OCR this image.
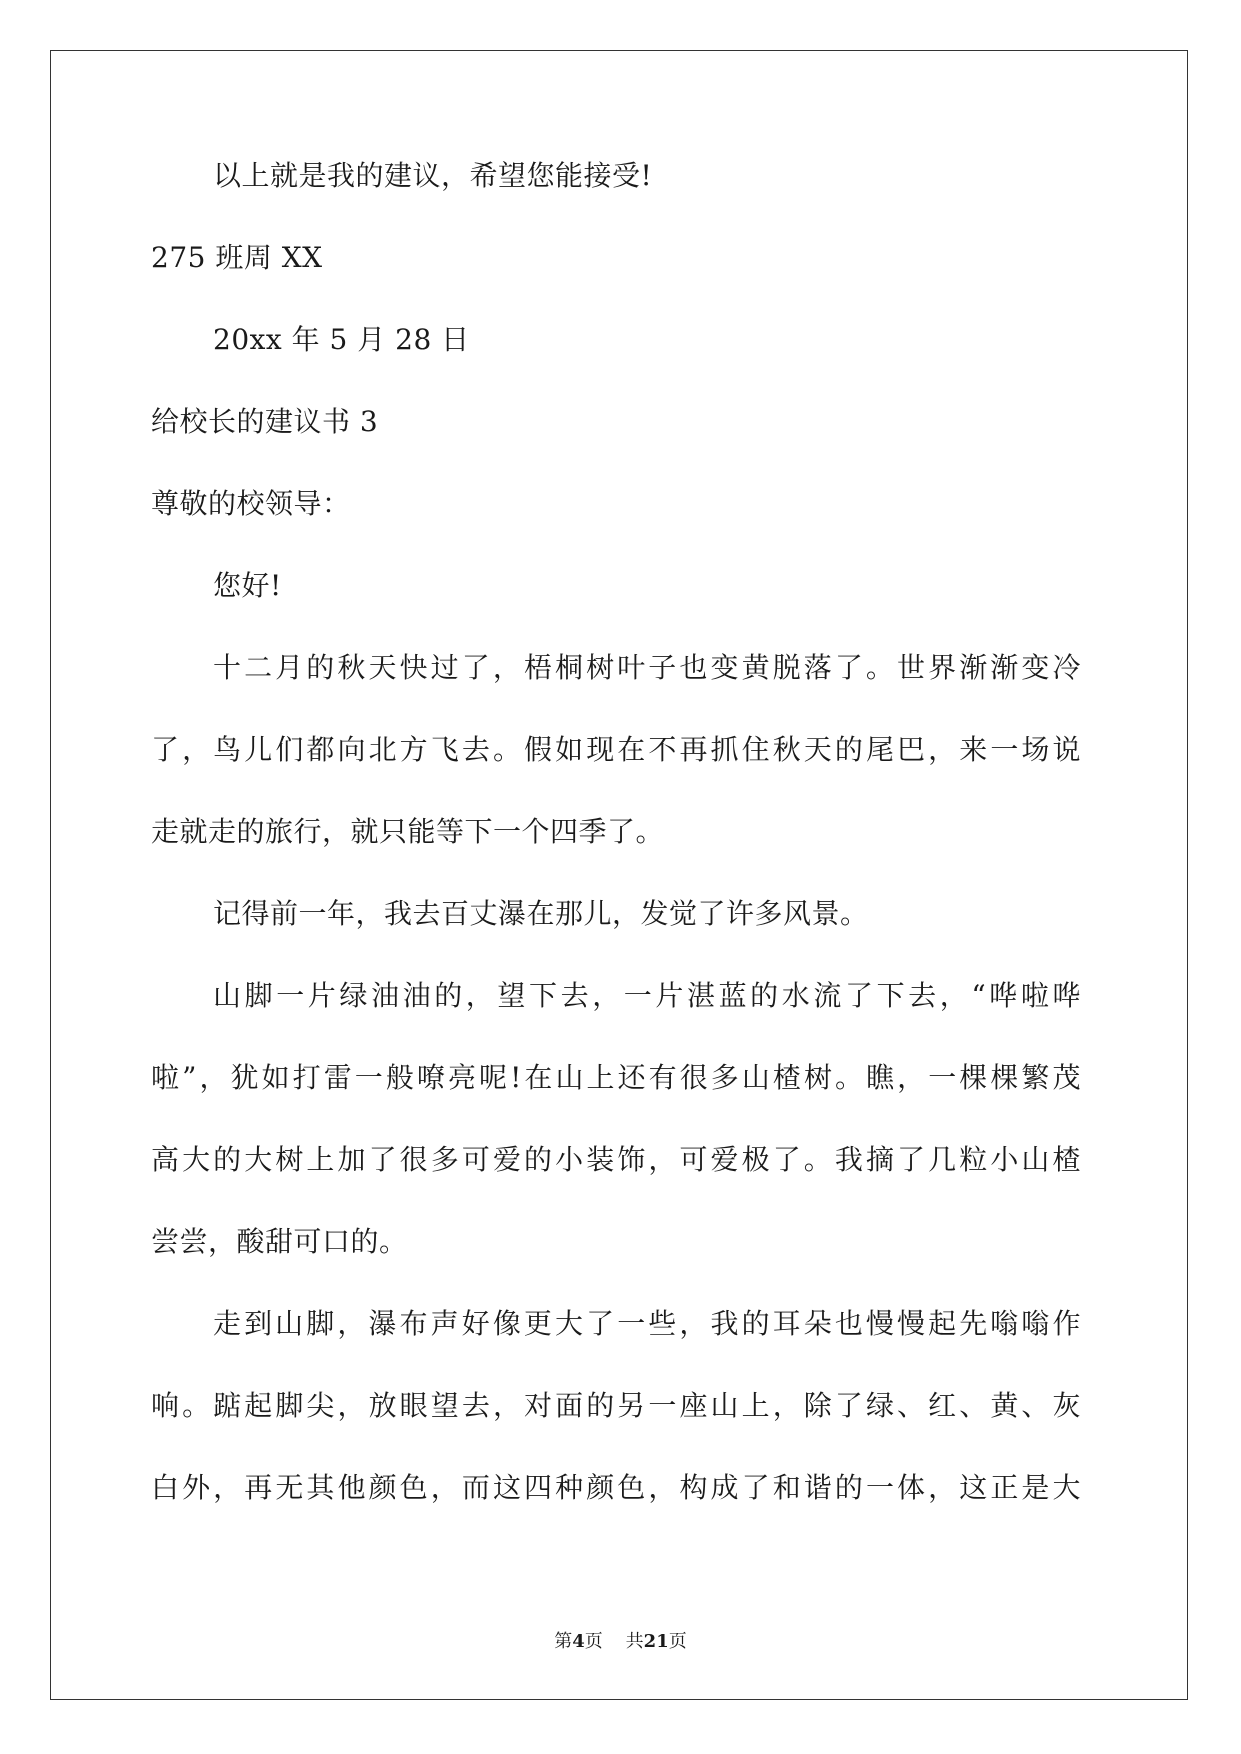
以上就是我的建议，希望您能接受!
275 班周 XX
20xx 年 5 月 28 日
给校长的建议书 3
尊敬的校领导：
您好!
十二月的秋天快过了，梧桐树叶子也变黄脱落了。世界渐渐变冷
了，鸟儿们都向北方飞去。假如现在不再抓住秋天的尾巴，来一场说
走就走的旅行，就只能等下一个四季了。
记得前一年，我去百丈瀑在那儿，发觉了许多风景。
山脚一片绿油油的，望下去，一片湛蓝的水流了下去，“哗啦哗
啦”，犹如打雷一般嘹亮呢!在山上还有很多山楂树。瞧，一棵棵繁茂
高大的大树上加了很多可爱的小装饰，可爱极了。我摘了几粒小山楂
尝尝，酸甜可口的。
走到山脚，瀑布声好像更大了一些，我的耳朵也慢慢起先嗡嗡作
响。踮起脚尖，放眼望去，对面的另一座山上，除了绿、红、黄、灰
白外，再无其他颜色，而这四种颜色，构成了和谐的一体，这正是大
第4页 共21页
